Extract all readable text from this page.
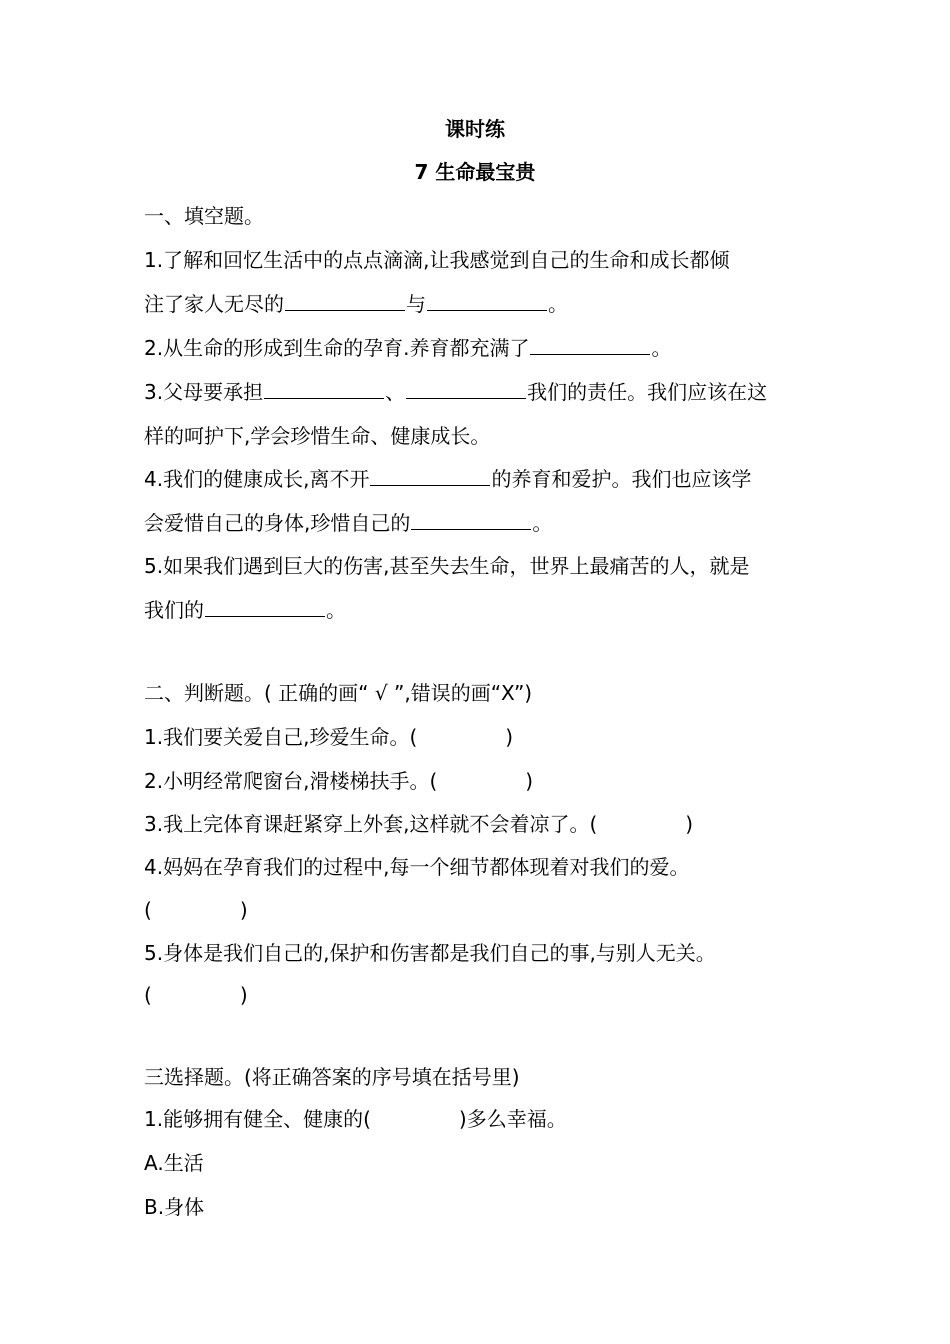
课时练
7 生命最宝贵
一、填空题。
1.了解和回忆生活中的点点滴滴,让我感觉到自己的生命和成长都倾
注了家人无尽的	与	。
2.从生命的形成到生命的孕育.养育都充满了	。
3.父母要承担	、	我们的责任。我们应该在这
样的呵护下,学会珍惜生命、健康成长。
4.我们的健康成长,离不开	的养育和爱护。我们也应该学
会爱惜自己的身体,珍惜自己的	。
5.如果我们遇到巨大的伤害,甚至失去生命，世界上最痛苦的人，就是
我们的	。
二、判断题。( 正确的画“ √ ”,错误的画“X”)
1.我们要关爱自己,珍爱生命。(	)
2.小明经常爬窗台,滑楼梯扶手。(	)
3.我上完体育课赶紧穿上外套,这样就不会着凉了。(	)
4.妈妈在孕育我们的过程中,每一个细节都体现着对我们的爱。
(	)
5.身体是我们自己的,保护和伤害都是我们自己的事,与别人无关。
(	)
三选择题。(将正确答案的序号填在括号里)
1.能够拥有健全、健康的(	)多么幸福。
A.生活
B.身体
